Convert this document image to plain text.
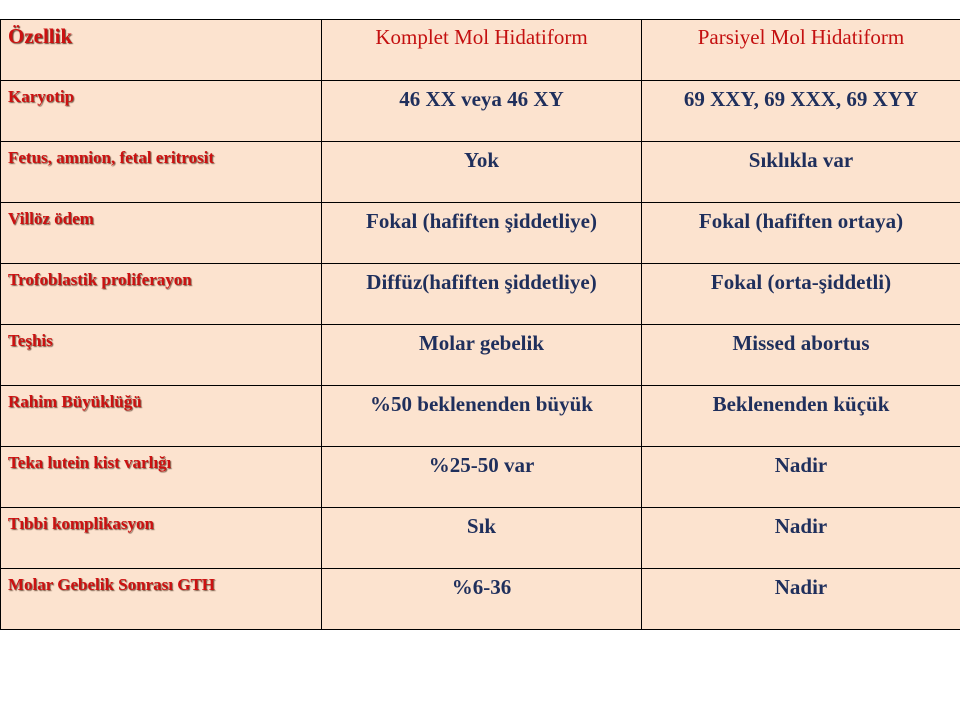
Özellik	Komplet Mol Hidatiform	Parsiyel Mol Hidatiform

Karyotip	46 XX veya 46 XY	69 XXY, 69 XXX, 69 XYY

Fetus, amnion, fetal eritrosit	Yok	Sıklıkla var

Villöz ödem	Fokal (hafiften şiddetliye)	Fokal (hafiften ortaya)

Trofoblastik proliferayon	Diffüz(hafiften şiddetliye)	Fokal (orta-şiddetli)

Teşhis	Molar gebelik	Missed abortus

Rahim Büyüklüğü	%50 beklenenden büyük	Beklenenden küçük

Teka lutein kist varlığı	%25-50 var	Nadir

Tıbbi komplikasyon	Sık	Nadir

Molar Gebelik Sonrası GTH	%6-36	Nadir
